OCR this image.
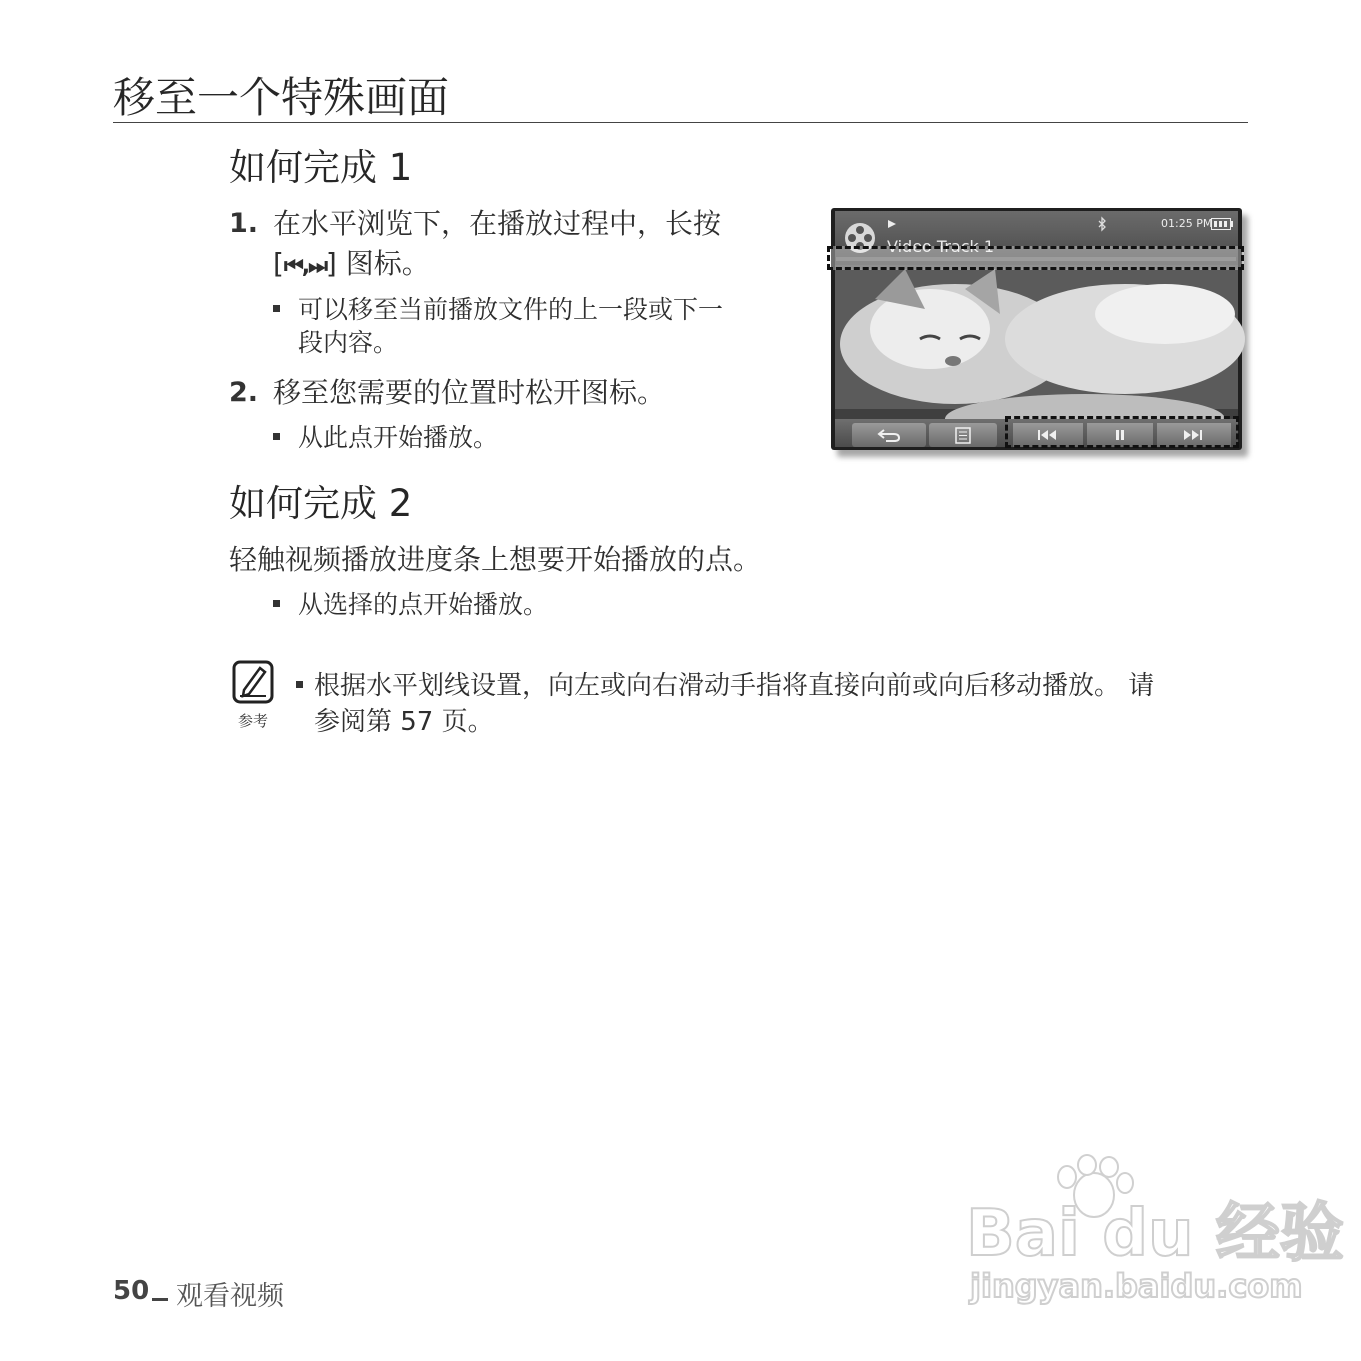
移至一个特殊画面
如何完成 1
1. 在水平浏览下，在播放过程中，长按
[⏮,⏭] 图标。
可以移至当前播放文件的上一段或下一
段内容。
2. 移至您需要的位置时松开图标。
从此点开始播放。
Video Track 1
01:25 PM
如何完成 2
轻触视频播放进度条上想要开始播放的点。
从选择的点开始播放。
参考
根据水平划线设置，向左或向右滑动手指将直接向前或向后移动播放。 请
参阅第 57 页。
Bai du 经验
jingyan.baidu.com
50 观看视频
